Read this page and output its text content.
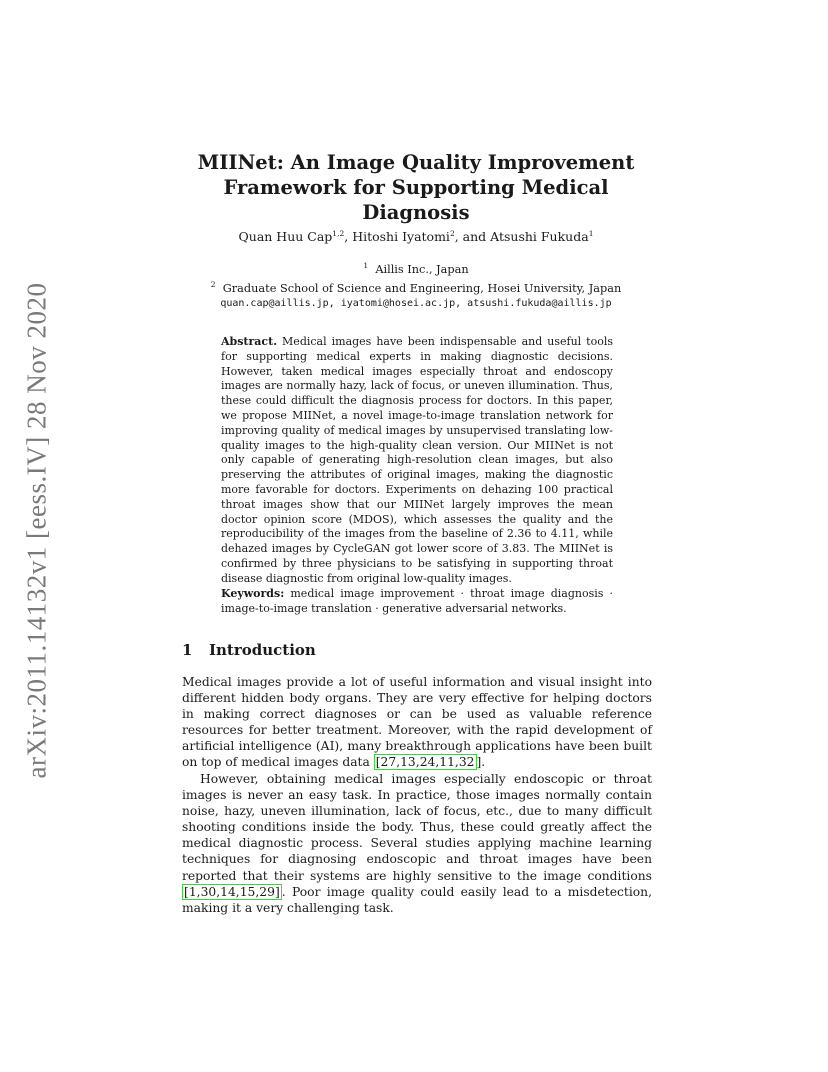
arXiv:2011.14132v1 [eess.IV] 28 Nov 2020
MIINet: An Image Quality Improvement
Framework for Supporting Medical Diagnosis

Quan Huu Cap$^{1,2}$, Hitoshi Iyatomi$^2$, and Atsushi Fukuda$^1$

$^1$ Aillis Inc., Japan
$^2$ Graduate School of Science and Engineering, Hosei University, Japan
quan.cap@aillis.jp, iyatomi@hosei.ac.jp, atsushi.fukuda@aillis.jp

Abstract. Medical images have been indispensable and useful tools for supporting medical experts in making diagnostic decisions. However, taken medical images especially throat and endoscopy images are normally hazy, lack of focus, or uneven illumination. Thus, these could difficult the diagnosis process for doctors. In this paper, we propose MIINet, a novel image-to-image translation network for improving quality of medical images by unsupervised translating low-quality images to the high-quality clean version. Our MIINet is not only capable of generating high-resolution clean images, but also preserving the attributes of original images, making the diagnostic more favorable for doctors. Experiments on dehazing 100 practical throat images show that our MIINet largely improves the mean doctor opinion score (MDOS), which assesses the quality and the reproducibility of the images from the baseline of 2.36 to 4.11, while dehazed images by CycleGAN got lower score of 3.83. The MIINet is confirmed by three physicians to be satisfying in supporting throat disease diagnostic from original low-quality images.

Keywords: medical image improvement · throat image diagnosis · image-to-image translation · generative adversarial networks.

1 Introduction

Medical images provide a lot of useful information and visual insight into different hidden body organs. They are very effective for helping doctors in making correct diagnoses or can be used as valuable reference resources for better treatment. Moreover, with the rapid development of artificial intelligence (AI), many breakthrough applications have been built on top of medical images data [27,13,24,11,32 ].

However, obtaining medical images especially endoscopic or throat images is never an easy task. In practice, those images normally contain noise, hazy, uneven illumination, lack of focus, etc., due to many difficult shooting conditions inside the body. Thus, these could greatly affect the medical diagnostic process. Several studies applying machine learning techniques for diagnosing endoscopic and throat images have been reported that their systems are highly sensitive to the image conditions [1,30,14,15,29] . Poor image quality could easily lead to a misdetection, making it a very challenging task.
